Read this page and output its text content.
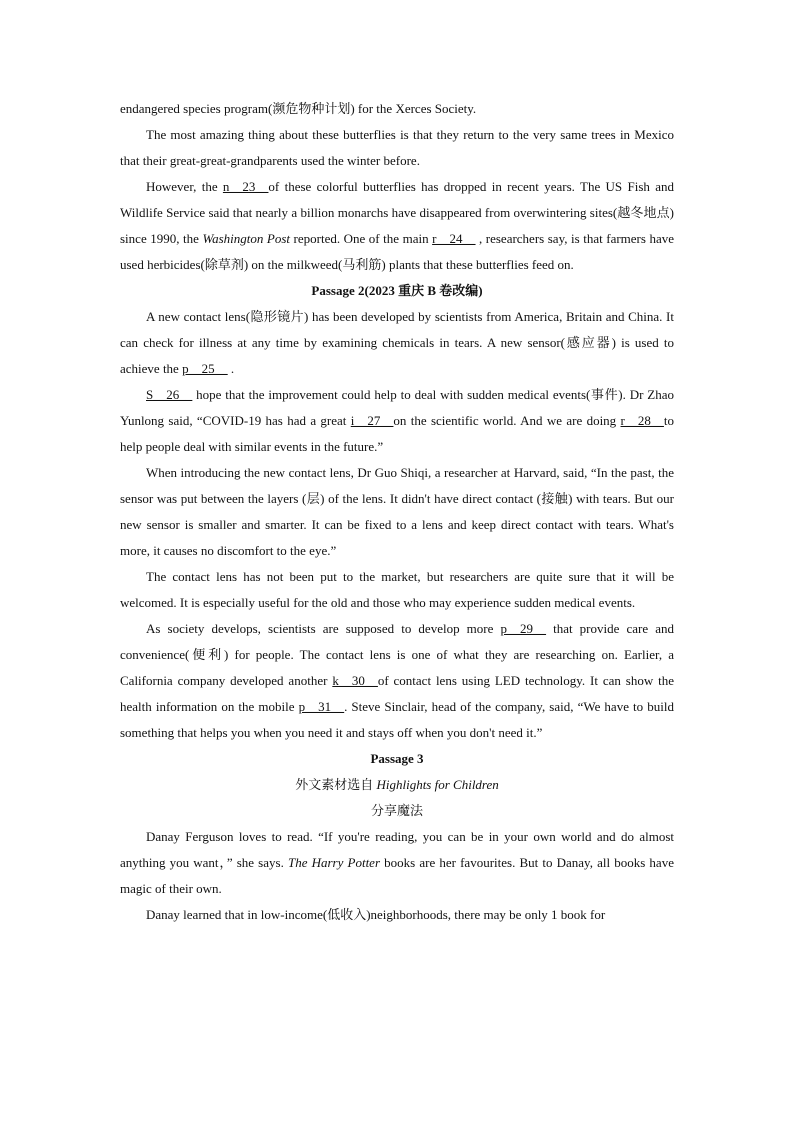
endangered species program(濒危物种计划) for the Xerces Society.

The most amazing thing about these butterflies is that they return to the very same trees in Mexico that their great-great-grandparents used the winter before.

However, the n__23__of these colorful butterflies has dropped in recent years. The US Fish and Wildlife Service said that nearly a billion monarchs have disappeared from overwintering sites(越冬地点) since 1990, the Washington Post reported. One of the main r__24__ , researchers say, is that farmers have used herbicides(除草剂) on the milkweed(马利筋) plants that these butterflies feed on.

Passage 2(2023 重庆 B 卷改编)

A new contact lens(隐形镜片) has been developed by scientists from America, Britain and China. It can check for illness at any time by examining chemicals in tears. A new sensor(感应器) is used to achieve the p__25__ .

S__26__ hope that the improvement could help to deal with sudden medical events(事件). Dr Zhao Yunlong said, “COVID-19 has had a great i__27__on the scientific world. And we are doing r__28__to help people deal with similar events in the future.”

When introducing the new contact lens, Dr Guo Shiqi, a researcher at Harvard, said, “In the past, the sensor was put between the layers (层) of the lens. It didn't have direct contact (接触) with tears. But our new sensor is smaller and smarter. It can be fixed to a lens and keep direct contact with tears. What's more, it causes no discomfort to the eye.”

The contact lens has not been put to the market, but researchers are quite sure that it will be welcomed. It is especially useful for the old and those who may experience sudden medical events.

As society develops, scientists are supposed to develop more p__29__ that provide care and convenience(便利) for people. The contact lens is one of what they are researching on. Earlier, a California company developed another k__30__of contact lens using LED technology. It can show the health information on the mobile p__31__. Steve Sinclair, head of the company, said, “We have to build something that helps you when you need it and stays off when you don't need it.”

Passage 3

外文素材选自 Highlights for Children

分享魔法

Danay Ferguson loves to read. “If you're reading, you can be in your own world and do almost anything you want，” she says. The Harry Potter books are her favourites. But to Danay, all books have magic of their own.

Danay learned that in low-income(低收入)neighborhoods, there may be only 1 book for
